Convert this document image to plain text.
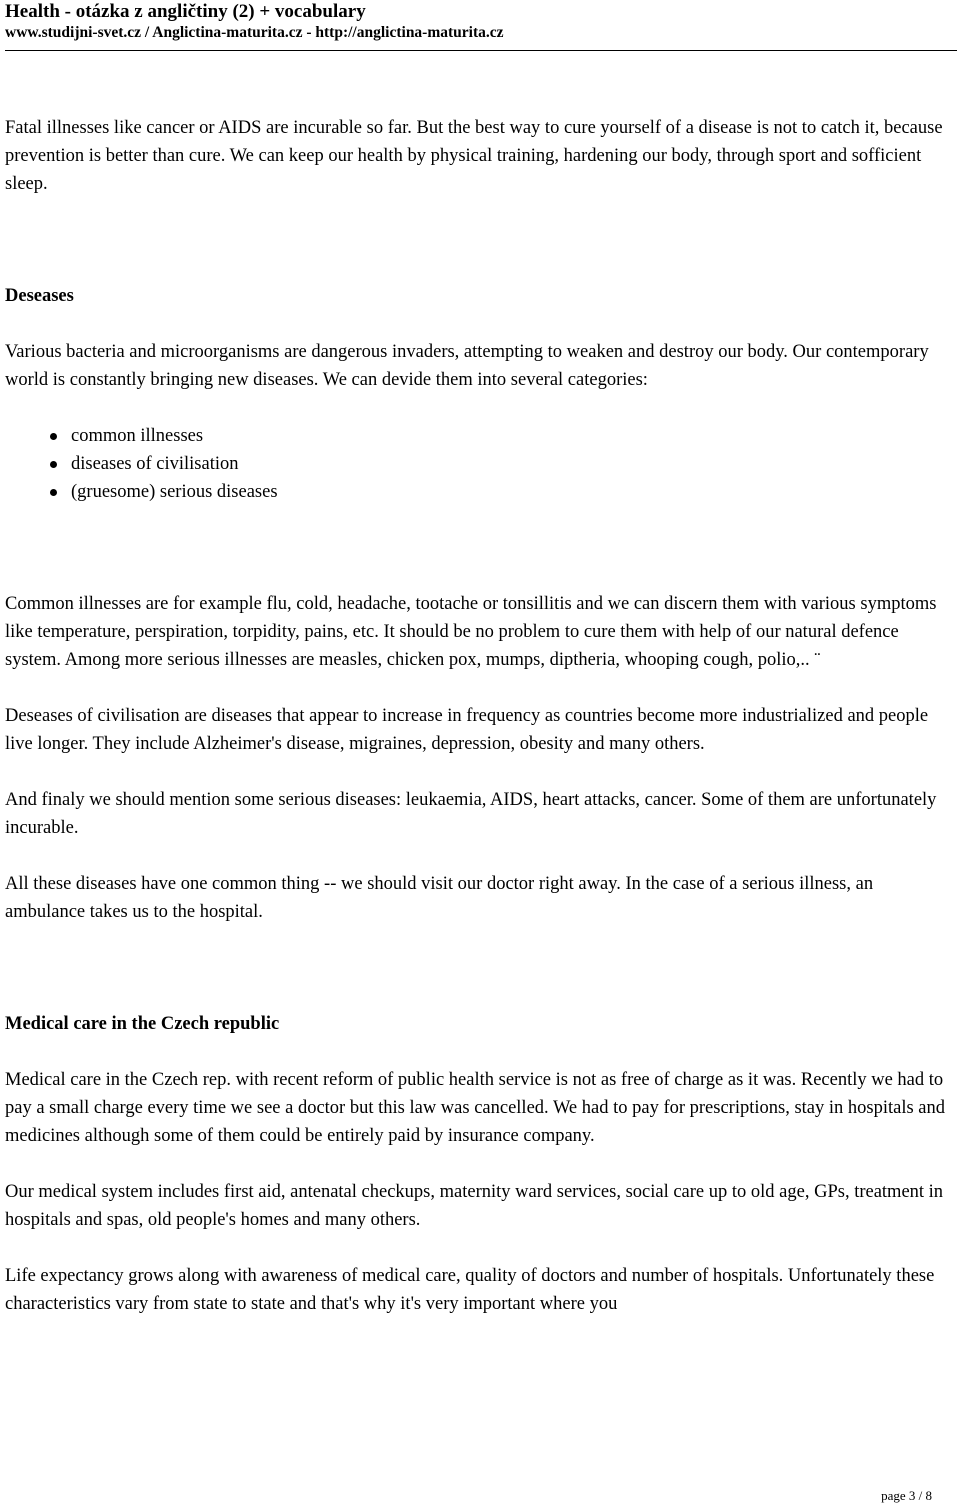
Health - otázka z angličtiny (2) + vocabulary
www.studijni-svet.cz / Anglictina-maturita.cz - http://anglictina-maturita.cz

Fatal illnesses like cancer or AIDS are incurable so far. But the best way to cure yourself of a disease is not to catch it, because prevention is better than cure. We can keep our health by physical training, hardening our body, through sport and sofficient sleep.

Deseases

Various bacteria and microorganisms are dangerous invaders, attempting to weaken and destroy our body. Our contemporary world is constantly bringing new diseases. We can devide them into several categories:

common illnesses
diseases of civilisation
(gruesome) serious diseases

Common illnesses are for example flu, cold, headache, tootache or tonsillitis and we can discern them with various symptoms like temperature, perspiration, torpidity, pains, etc. It should be no problem to cure them with help of our natural defence system. Among more serious illnesses are measles, chicken pox, mumps, diptheria, whooping cough, polio,.. ¨

Deseases of civilisation are diseases that appear to increase in frequency as countries become more industrialized and people live longer. They include Alzheimer's disease, migraines, depression, obesity and many others.

And finaly we should mention some serious diseases: leukaemia, AIDS, heart attacks, cancer. Some of them are unfortunately incurable.

All these diseases have one common thing -- we should visit our doctor right away. In the case of a serious illness, an ambulance takes us to the hospital.

Medical care in the Czech republic

Medical care in the Czech rep. with recent reform of public health service is not as free of charge as it was. Recently we had to pay a small charge every time we see a doctor but this law was cancelled. We had to pay for prescriptions, stay in hospitals and medicines although some of them could be entirely paid by insurance company.

Our medical system includes first aid, antenatal checkups, maternity ward services, social care up to old age, GPs, treatment in hospitals and spas, old people's homes and many others.

Life expectancy grows along with awareness of medical care, quality of doctors and number of hospitals. Unfortunately these characteristics vary from state to state and that's why it's very important where you

page 3 / 8
